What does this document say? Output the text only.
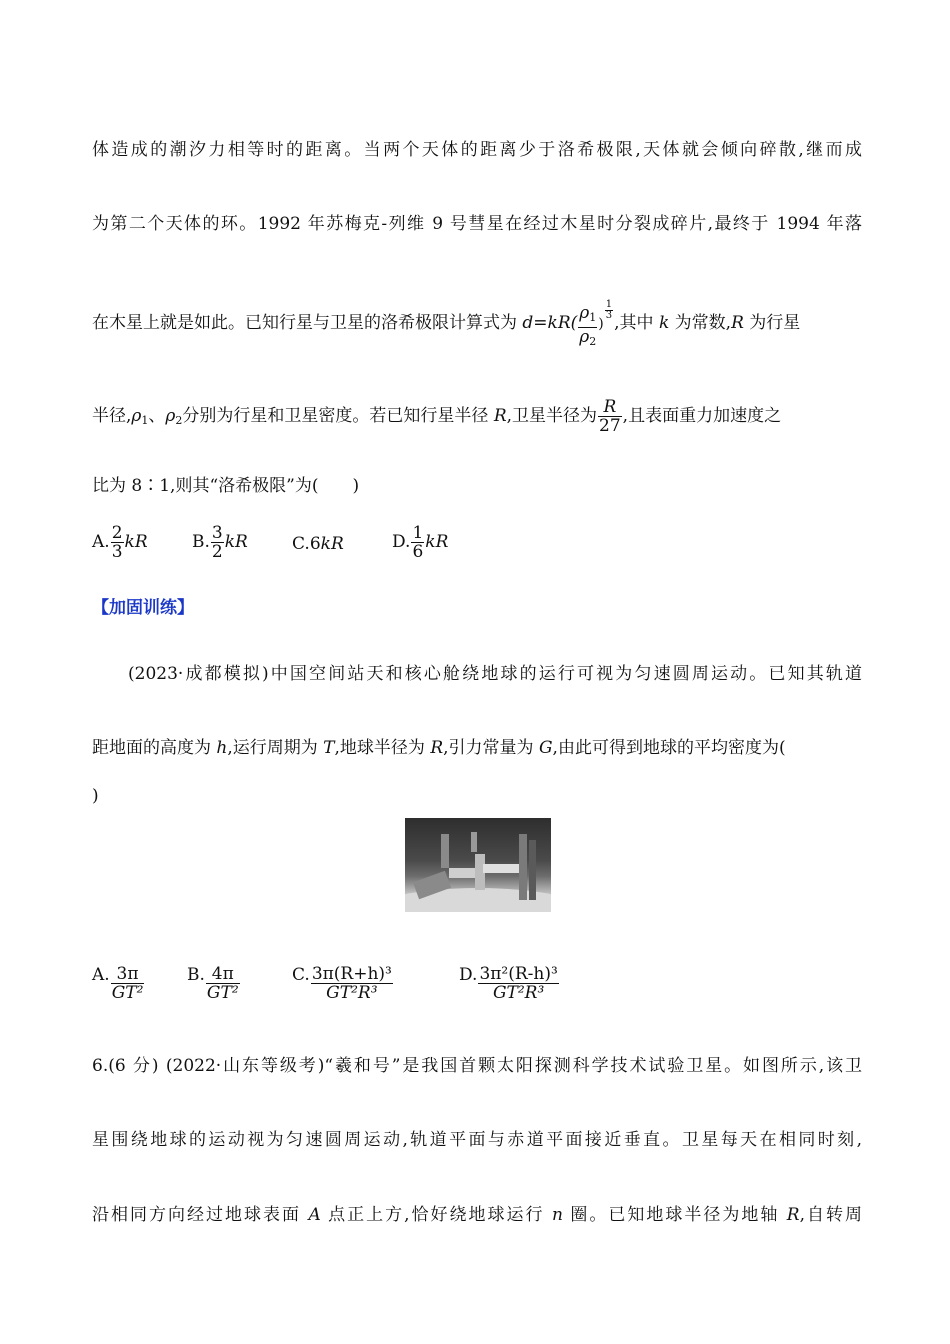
体造成的潮汐力相等时的距离。当两个天体的距离少于洛希极限,天体就会倾向碎散,继而成
为第二个天体的环。1992 年苏梅克-列维 9 号彗星在经过木星时分裂成碎片,最终于 1994 年落
在木星上就是如此。已知行星与卫星的洛希极限计算式为 $d=kR( \frac{\rho_1}{\rho_2}$ )
$\frac{1}{3}$
,其中 k 为常数,R 为行星
半径$,\rho_1$、$\rho_2$分别为行星和卫星密度。若已知行星半径 R,卫星半径为 $\frac{R}{27}$ ,且表面重力加速度之
比为 8∶1,则其“洛希极限”为(　　)
A. $\frac{2}{3}$ kR	B. $\frac{3}{2}$ kR	C.6kR	D. $\frac{1}{6}$ kR
【加固训练】
(2023·成都模拟)中国空间站天和核心舱绕地球的运行可视为匀速圆周运动。已知其轨道
距地面的高度为 h,运行周期为 T,地球半径为 R,引力常量为 G,由此可得到地球的平均密度为(
)
A. $\frac{3\pi}{\text{GT²}}$	B. $\frac{4\pi}{\text{GT²}}$	C. $\frac{\text{3π(R+h)³}}{\text{GT²R³}}$	D. $\frac{\text{3π²(R-h)³}}{\text{GT²R³}}$
6.(6 分) (2022·山东等级考)“羲和号”是我国首颗太阳探测科学技术试验卫星。如图所示,该卫
星围绕地球的运动视为匀速圆周运动,轨道平面与赤道平面接近垂直。卫星每天在相同时刻,
沿相同方向经过地球表面 A 点正上方,恰好绕地球运行 n 圈。已知地球半径为地轴 R,自转周
